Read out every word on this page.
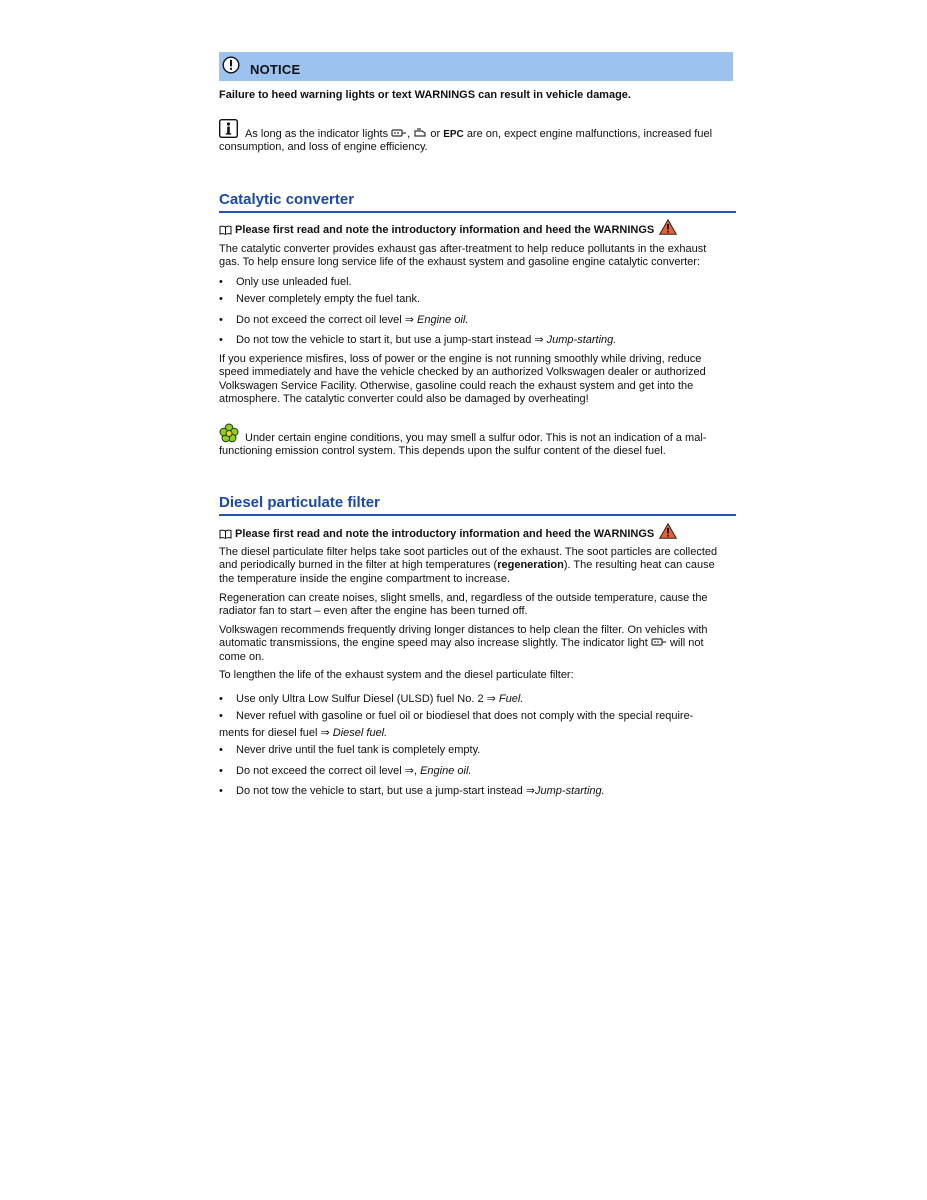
NOTICE

Failure to heed warning lights or text WARNINGS can result in vehicle damage.

As long as the indicator lights , or EPC are on, expect engine malfunctions, increased fuel
consumption, and loss of engine efficiency.
Catalytic converter
Please first read and note the introductory information and heed the WARNINGS
The catalytic converter provides exhaust gas after-treatment to help reduce pollutants in the exhaust
gas. To help ensure long service life of the exhaust system and gasoline engine catalytic converter:
•	Only use unleaded fuel.
•	Never completely empty the fuel tank.
•	Do not exceed the correct oil level ⇒ Engine oil.
•	Do not tow the vehicle to start it, but use a jump-start instead ⇒ Jump-starting.
If you experience misfires, loss of power or the engine is not running smoothly while driving, reduce
speed immediately and have the vehicle checked by an authorized Volkswagen dealer or authorized
Volkswagen Service Facility. Otherwise, gasoline could reach the exhaust system and get into the
atmosphere. The catalytic converter could also be damaged by overheating!
Under certain engine conditions, you may smell a sulfur odor. This is not an indication of a mal-
functioning emission control system. This depends upon the sulfur content of the diesel fuel.
Diesel particulate filter
Please first read and note the introductory information and heed the WARNINGS
The diesel particulate filter helps take soot particles out of the exhaust. The soot particles are collected
and periodically burned in the filter at high temperatures (regeneration). The resulting heat can cause
the temperature inside the engine compartment to increase.
Regeneration can create noises, slight smells, and, regardless of the outside temperature, cause the
radiator fan to start – even after the engine has been turned off.
Volkswagen recommends frequently driving longer distances to help clean the filter. On vehicles with
automatic transmissions, the engine speed may also increase slightly. The indicator light will not
come on.
To lengthen the life of the exhaust system and the diesel particulate filter:
•	Use only Ultra Low Sulfur Diesel (ULSD) fuel No. 2 ⇒ Fuel.
•	Never refuel with gasoline or fuel oil or biodiesel that does not comply with the special require-
ments for diesel fuel ⇒ Diesel fuel.
•	Never drive until the fuel tank is completely empty.
•	Do not exceed the correct oil level ⇒, Engine oil.
•	Do not tow the vehicle to start, but use a jump-start instead ⇒Jump-starting.
